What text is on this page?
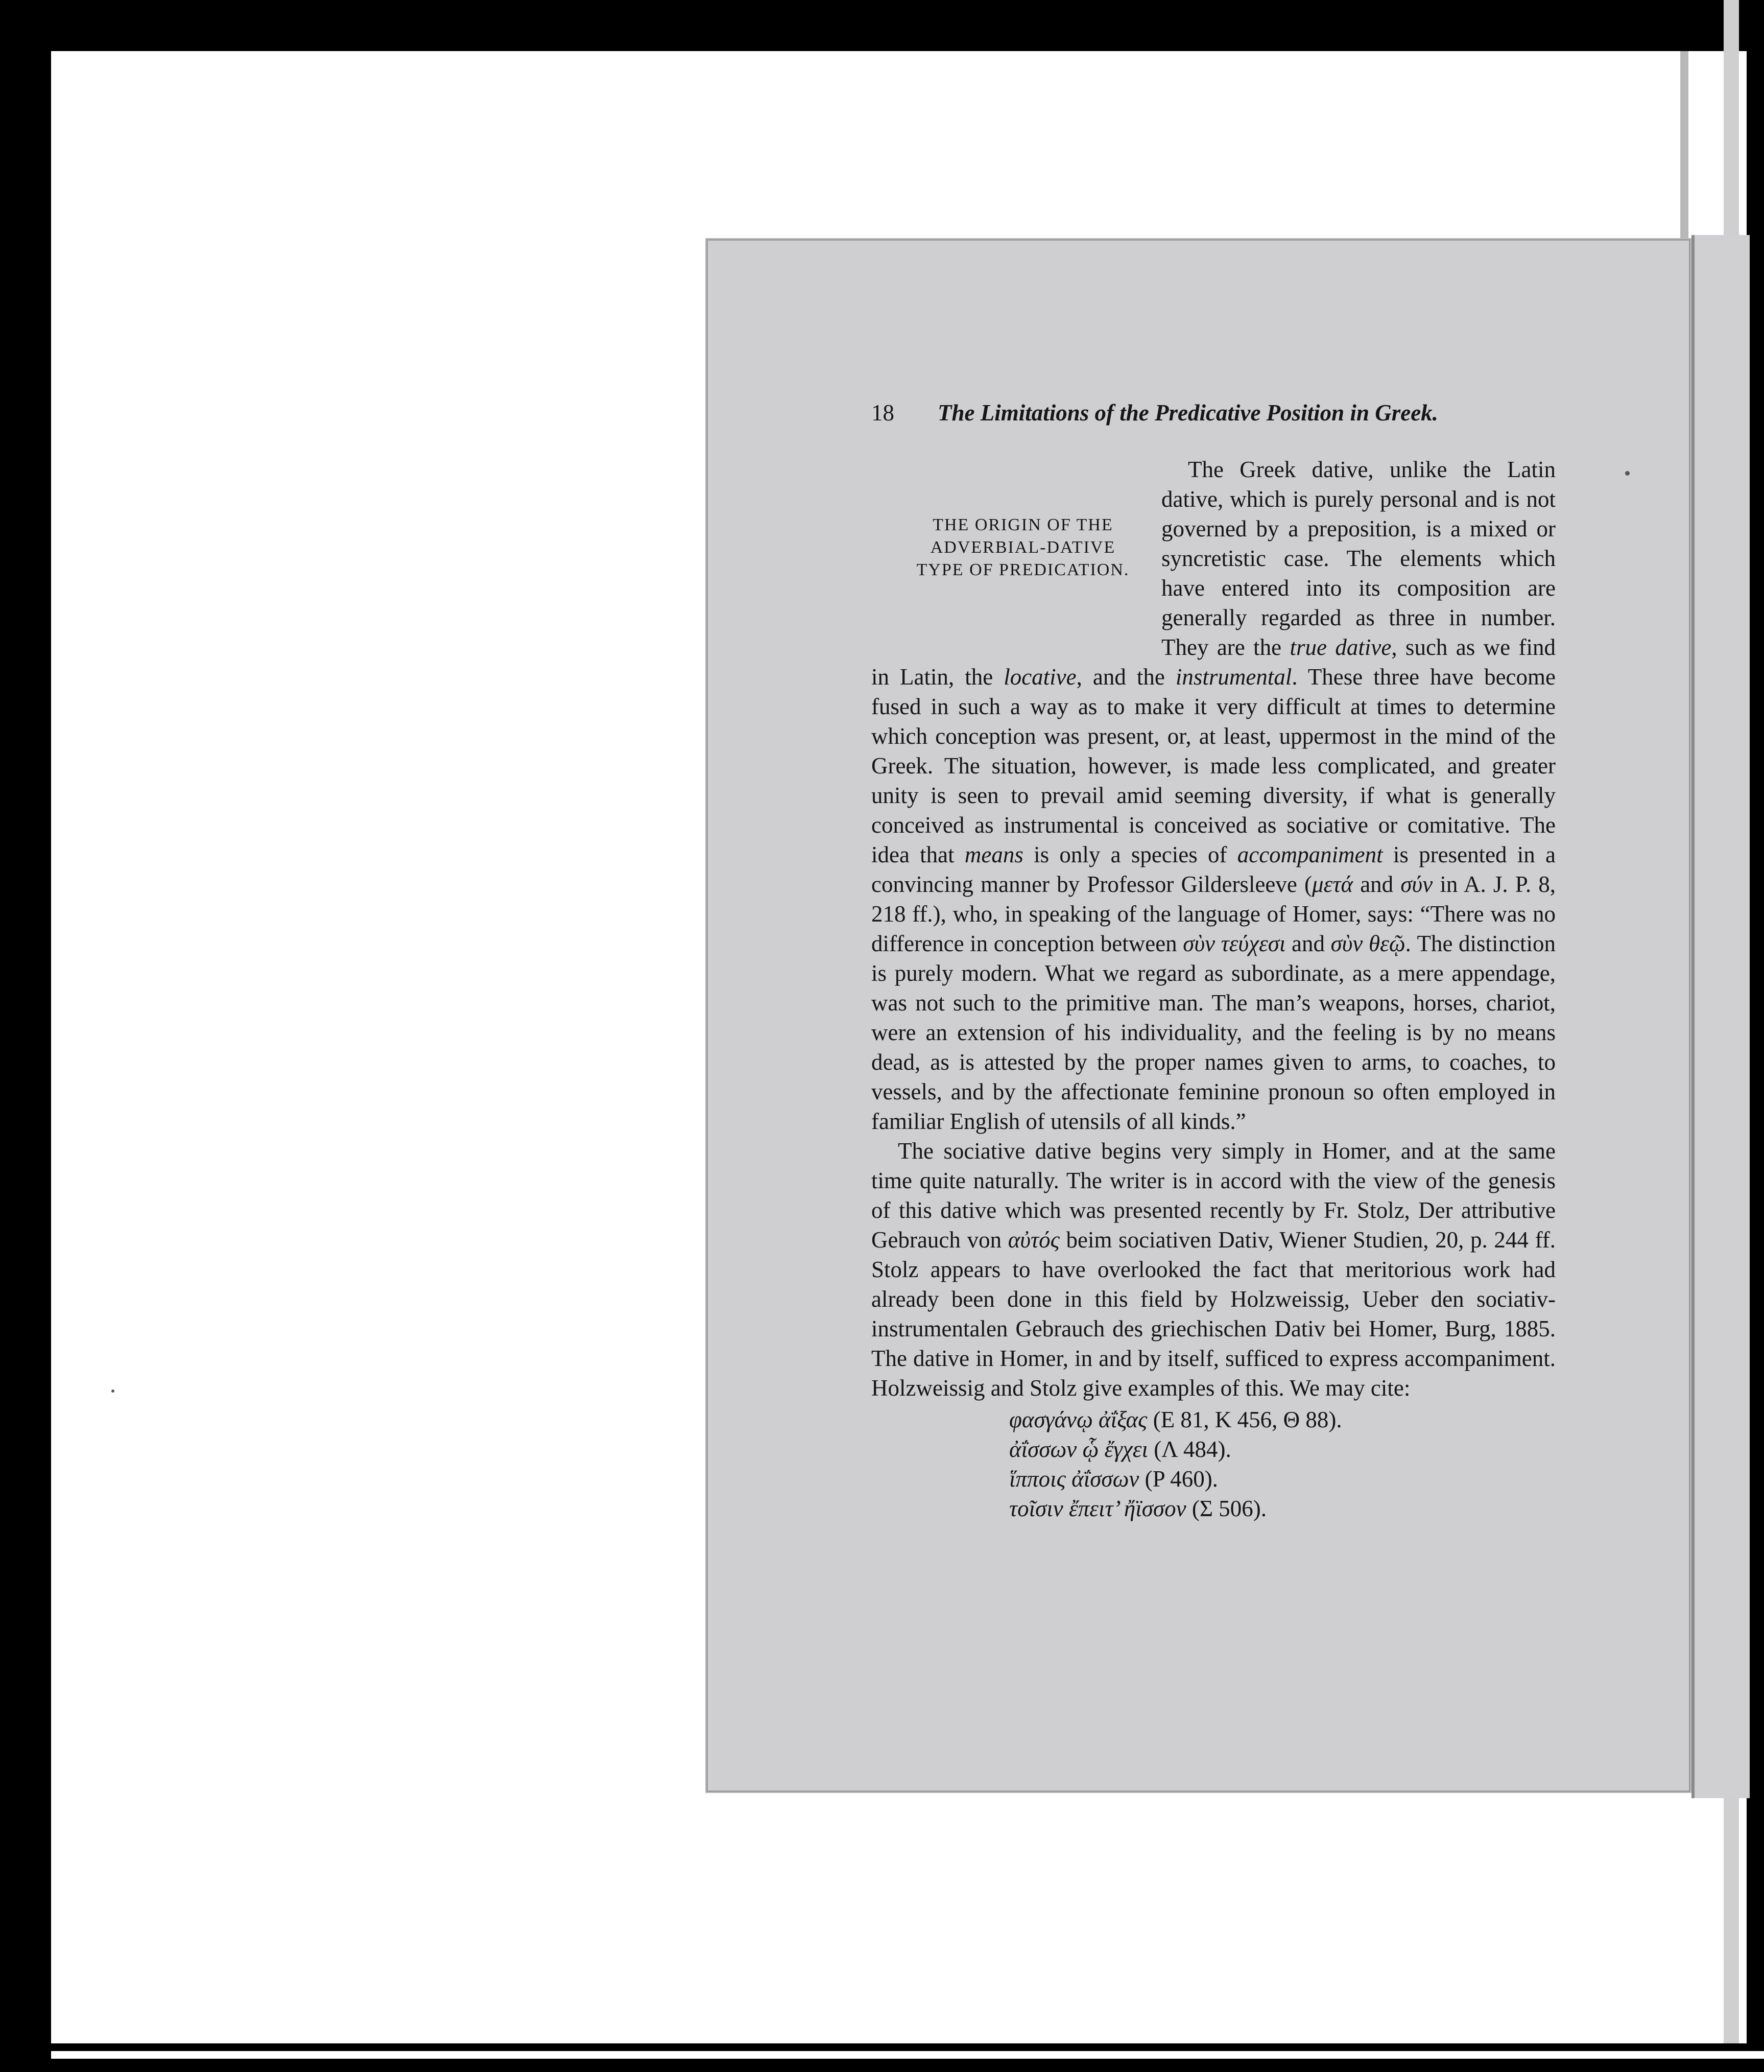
18 The Limitations of the Predicative Position in Greek.

THE ORIGIN OF THE
ADVERBIAL-DATIVE
TYPE OF PREDICATION.
The Greek dative, unlike the Latin dative, which is purely personal and is not governed by a preposition, is a mixed or syncretistic case. The elements which have entered into its composition are generally regarded as three in number. They are the true dative, such as we find in Latin, the locative, and the instrumental. These three have become fused in such a way as to make it very difficult at times to determine which conception was present, or, at least, uppermost in the mind of the Greek. The situation, however, is made less complicated, and greater unity is seen to prevail amid seeming diversity, if what is generally conceived as instrumental is conceived as sociative or comitative. The idea that means is only a species of accompaniment is presented in a convincing manner by Professor Gildersleeve (μετά and σύν in A. J. P. 8, 218 ff.), who, in speaking of the language of Homer, says: “There was no difference in conception between σὺν τεύχεσι and σὺν θεῷ. The distinction is purely modern. What we regard as subordinate, as a mere appendage, was not such to the primitive man. The man’s weapons, horses, chariot, were an extension of his individuality, and the feeling is by no means dead, as is attested by the proper names given to arms, to coaches, to vessels, and by the affectionate feminine pronoun so often employed in familiar English of utensils of all kinds.”

The sociative dative begins very simply in Homer, and at the same time quite naturally. The writer is in accord with the view of the genesis of this dative which was presented recently by Fr. Stolz, Der attributive Gebrauch von αὐτός beim sociativen Dativ, Wiener Studien, 20, p. 244 ff. Stolz appears to have overlooked the fact that meritorious work had already been done in this field by Holzweissig, Ueber den sociativ-instrumentalen Gebrauch des griechischen Dativ bei Homer, Burg, 1885. The dative in Homer, in and by itself, sufficed to express accompaniment. Holzweissig and Stolz give examples of this. We may cite:

φασγάνῳ ἀΐξας (E 81, K 456, Θ 88).
ἀΐσσων ᾧ ἔγχει (Λ 484).
ἵπποις ἀΐσσων (P 460).
τοῖσιν ἔπειτ’ ἤϊσσον (Σ 506).
